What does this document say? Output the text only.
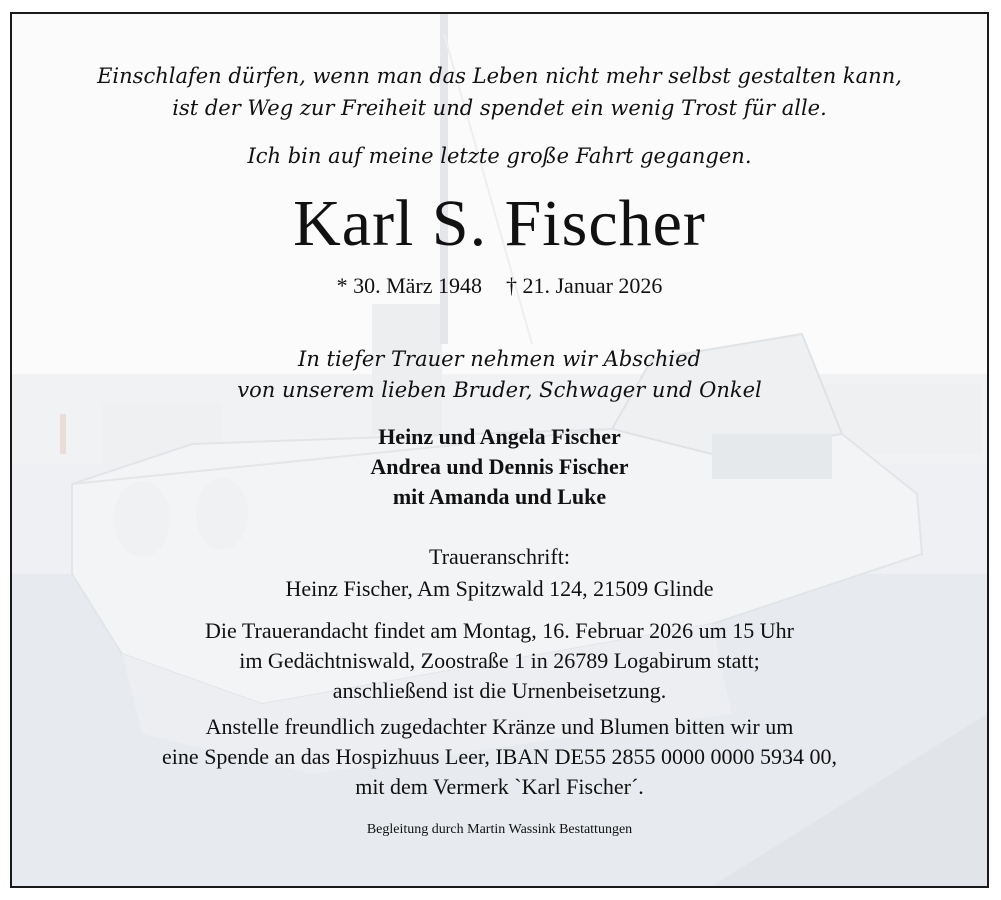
Einschlafen dürfen, wenn man das Leben nicht mehr selbst gestalten kann,
ist der Weg zur Freiheit und spendet ein wenig Trost für alle.
Ich bin auf meine letzte große Fahrt gegangen.
Karl S. Fischer
* 30. März 1948 † 21. Januar 2026
In tiefer Trauer nehmen wir Abschied
von unserem lieben Bruder, Schwager und Onkel
Heinz und Angela Fischer
Andrea und Dennis Fischer
mit Amanda und Luke
Traueranschrift:
Heinz Fischer, Am Spitzwald 124, 21509 Glinde
Die Trauerandacht findet am Montag, 16. Februar 2026 um 15 Uhr
im Gedächtniswald, Zoostraße 1 in 26789 Logabirum statt;
anschließend ist die Urnenbeisetzung.
Anstelle freundlich zugedachter Kränze und Blumen bitten wir um
eine Spende an das Hospizhuus Leer, IBAN DE55 2855 0000 0000 5934 00,
mit dem Vermerk `Karl Fischer´.
Begleitung durch Martin Wassink Bestattungen
